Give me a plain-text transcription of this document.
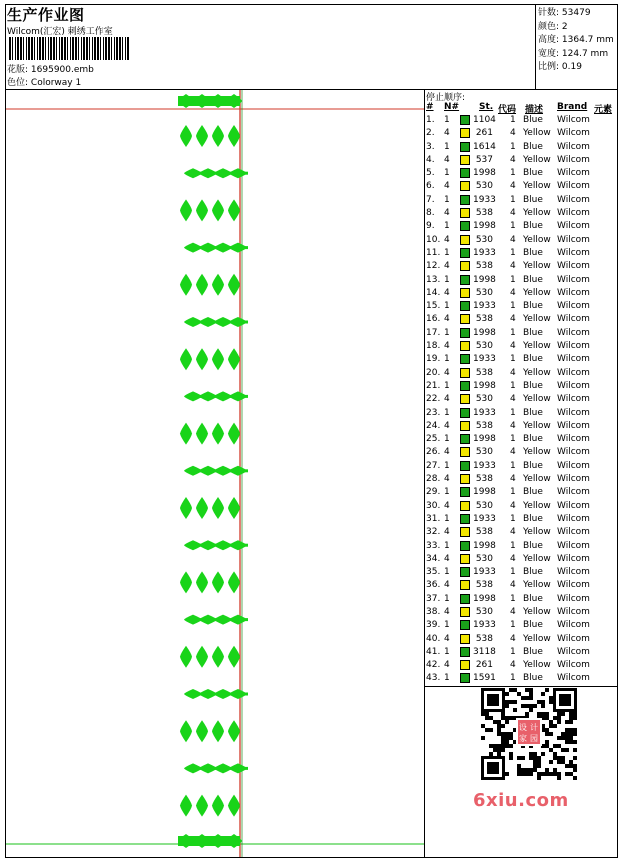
生产作业图
Wilcom(汇宏) 刺绣工作室
花版: 1695900.emb
色位: Colorway 1
针数: 53479
颜色: 2
高度: 1364.7 mm
宽度: 124.7 mm
比例: 0.19
停止顺序:
# N# St. 代码 描述 Brand 元素
1. 1	1104 1 Blue Wilcom
2. 4	261 4 Yellow Wilcom
3. 1	1614 1 Blue Wilcom
4. 4	537 4 Yellow Wilcom
5. 1	1998 1 Blue Wilcom
6. 4	530 4 Yellow Wilcom
7. 1	1933 1 Blue Wilcom
8. 4	538 4 Yellow Wilcom
9. 1	1998 1 Blue Wilcom
10. 4	530 4 Yellow Wilcom
11. 1	1933 1 Blue Wilcom
12. 4	538 4 Yellow Wilcom
13. 1	1998 1 Blue Wilcom
14. 4	530 4 Yellow Wilcom
15. 1	1933 1 Blue Wilcom
16. 4	538 4 Yellow Wilcom
17. 1	1998 1 Blue Wilcom
18. 4	530 4 Yellow Wilcom
19. 1	1933 1 Blue Wilcom
20. 4	538 4 Yellow Wilcom
21. 1	1998 1 Blue Wilcom
22. 4	530 4 Yellow Wilcom
23. 1	1933 1 Blue Wilcom
24. 4	538 4 Yellow Wilcom
25. 1	1998 1 Blue Wilcom
26. 4	530 4 Yellow Wilcom
27. 1	1933 1 Blue Wilcom
28. 4	538 4 Yellow Wilcom
29. 1	1998 1 Blue Wilcom
30. 4	530 4 Yellow Wilcom
31. 1	1933 1 Blue Wilcom
32. 4	538 4 Yellow Wilcom
33. 1	1998 1 Blue Wilcom
34. 4	530 4 Yellow Wilcom
35. 1	1933 1 Blue Wilcom
36. 4	538 4 Yellow Wilcom
37. 1	1998 1 Blue Wilcom
38. 4	530 4 Yellow Wilcom
39. 1	1933 1 Blue Wilcom
40. 4	538 4 Yellow Wilcom
41. 1	3118 1 Blue Wilcom
42. 4	261 4 Yellow Wilcom
43. 1	1591 1 Blue Wilcom
设 计
家 园
6xiu.com
